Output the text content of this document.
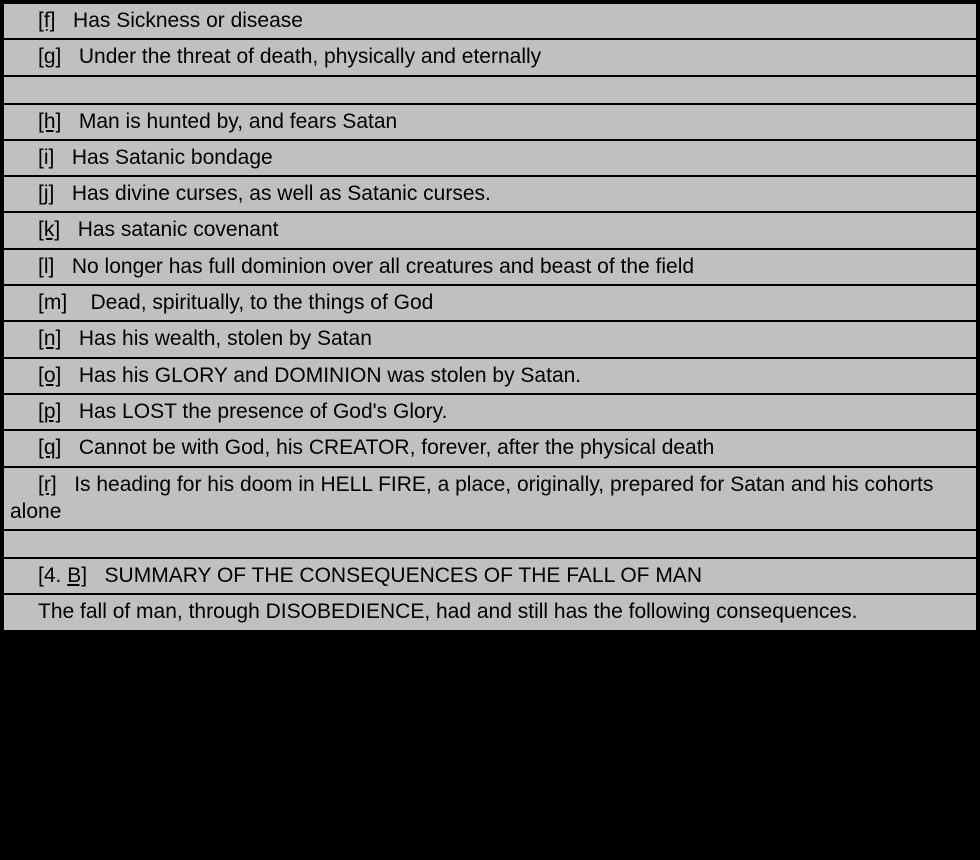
[f] Has Sickness or disease
[g] Under the threat of death, physically and eternally
[h] Man is hunted by, and fears Satan
[i] Has Satanic bondage
[j] Has divine curses, as well as Satanic curses.
[k] Has satanic covenant
[l] No longer has full dominion over all creatures and beast of the field
[m] Dead, spiritually, to the things of God
[n] Has his wealth, stolen by Satan
[o] Has his GLORY and DOMINION was stolen by Satan.
[p] Has LOST the presence of God's Glory.
[q] Cannot be with God, his CREATOR, forever, after the physical death
[r] Is heading for his doom in HELL FIRE, a place, originally, prepared for Satan and his cohorts alone
[4. B] SUMMARY OF THE CONSEQUENCES OF THE FALL OF MAN
The fall of man, through DISOBEDIENCE, had and still has the following consequences.
